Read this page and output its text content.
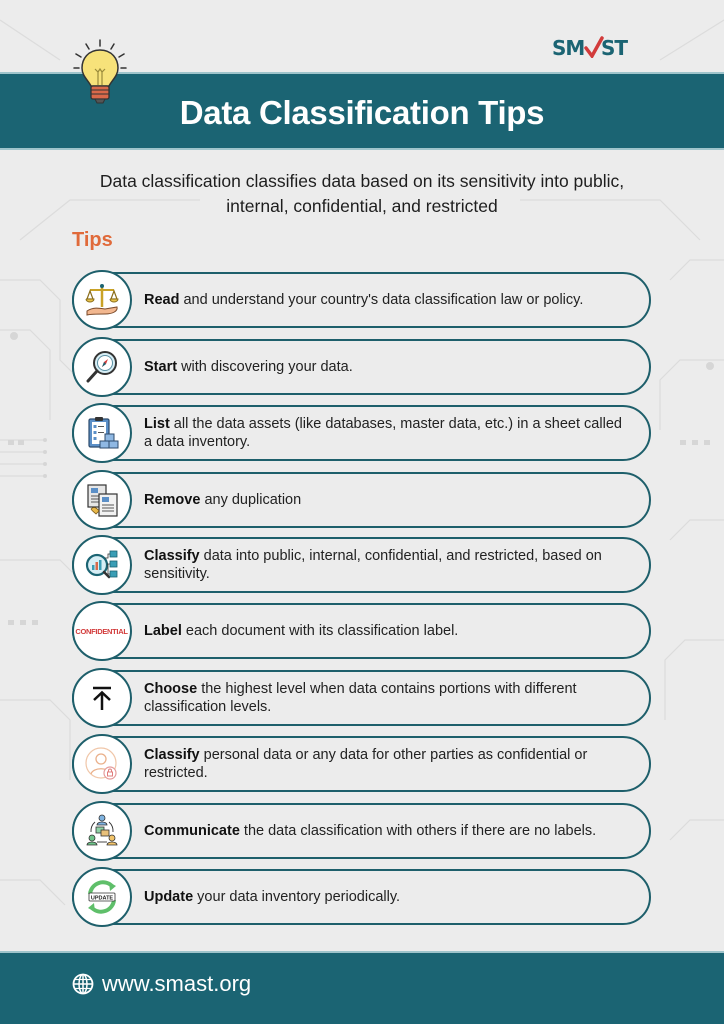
SM ST
Data Classification Tips

Data classification classifies data based on its sensitivity into public, internal, confidential, and restricted

Tips
Read and understand your country's data classification law or policy.
Start with discovering your data.
List all the data assets (like databases, master data, etc.) in a sheet called a data inventory.
Remove any duplication
Classify data into public, internal, confidential, and restricted, based on sensitivity.
CONFIDENTIAL Label each document with its classification label.
Choose the highest level when data contains portions with different classification levels.
Classify personal data or any data for other parties as confidential or restricted.
Communicate the data classification with others if there are no labels.
UPDATE Update your data inventory periodically.
www.smast.org
